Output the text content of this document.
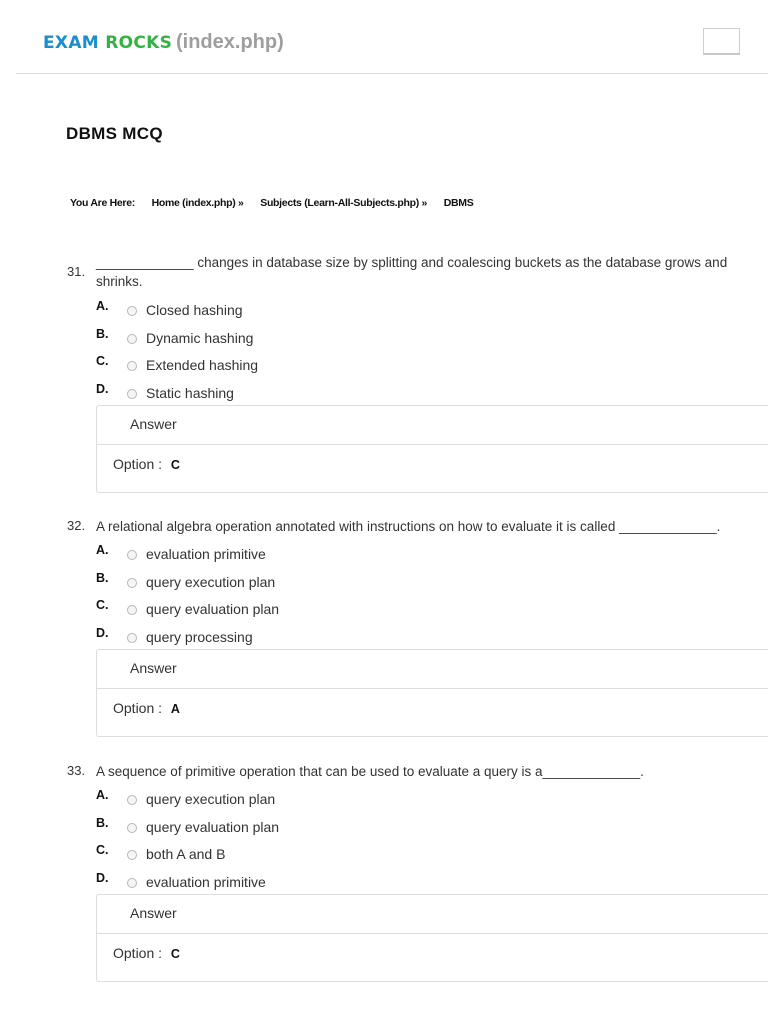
EXAM ROCKS (index.php)
DBMS MCQ
You Are Here: Home (index.php) » Subjects (Learn-All-Subjects.php) » DBMS
31.
_____________ changes in database size by splitting and coalescing buckets as the database grows and shrinks.
A.	Closed hashing
B.	Dynamic hashing
C.	Extended hashing
D.	Static hashing
Answer
Option : C
32. A relational algebra operation annotated with instructions on how to evaluate it is called _____________.
A.	evaluation primitive
B.	query execution plan
C.	query evaluation plan
D.	query processing
Answer
Option : A
33. A sequence of primitive operation that can be used to evaluate a query is a_____________.
A.	query execution plan
B.	query evaluation plan
C.	both A and B
D.	evaluation primitive
Answer
Option : C
